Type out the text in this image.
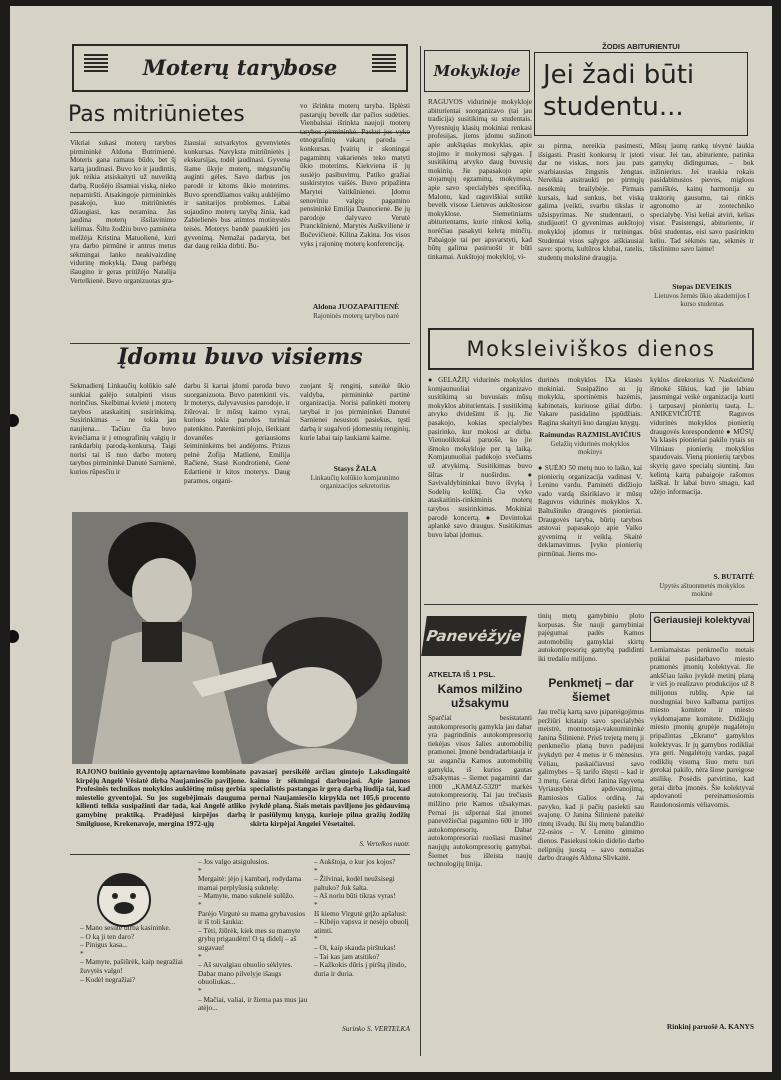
Moterų tarybose
Pas mitriūnietes
Vikriai sukasi moterų tarybos pirmininkė Aldona Butrimienė. Moteris gana ramaus būdo, bet šį kartą jaudinasi. Buvo ko ir jaudintis, juk reikia atsiskaityti už nuveiktą darbą. Ruošėjo išsamiai viską, nieko nepamiršti. Atsakingoje pirmininkės pasakojo, kuo mitriūnietės džiaugiasi, kas neramina. Jas jaudina moterų išsilavinimo kėlimas. Šiltu žodžiu buvo paminėta melžėja Kristina Matuolienė, kuri yra darbo pirmūnė ir antrus metus sėkmingai lanko neakivaizdinę vidurinę mokyklą. Daug parbėgų išaugino ir geras pritižėjo Natalija Vertelkienė. Buvo organizuotas gra-
žiausiai sutvarkytos gyvenvietės konkursas. Navyksta mitriūnietės į ekskursijas, todėl jaudinasi. Gyvena šiame ūkyje moterų, mėgstančių auginti gėles. Savo darbus jos parodė ir kitoms ūkio moterims. Buvo sprendžiamos vaikų auklėjimo ir sanitarijos problemos. Labai sujaudino moterų tarybą žinia, kad Zabielienės bus atimtos motinystės teisės. Moterys bandė paauklėti jos gyvenimą. Nemažai padaryta, bet dar daug reikia dirbti. Bu-
vo išrinkta moterų taryba. Išplėsti pastarųjų bevelk dar pačios sudėties. Vienbalsiai išrinkta naujoji moterų tarybos pirmininkė. Paskui jos vyko etnografinių vakarų paroda – konkursas. Įvairių ir skoningai pagamintų vakarienės teko matyti ūkio moterims. Kiekviena iš jų susiėjo pasibuvimų. Patiko gražiai suskirstytos vaišės. Buvo pripažinta Marytei Vaitkūnienei. Įdomu senoviniu valgių pagamino pensininkė Emilija Daunorienė. Be jų parodoje dalyvavo Verutė Pranckūnienė, Marytės Auškvilienė ir Bučevičienė. Kilina Zakina. Jos visos vyks į rajoninę moterų konferenciją.
Aldona JUOZAPAITIENĖ
Rajoninės moterų tarybos narė
Įdomu buvo visiems
Sekmadienį Linkaučių kolūkio salė sunkiai galėjo sutalpinti visus norinčius. Skelbimai kvietė į moterų tarybos ataskaitinį susirinkimą. Susirinkimas – ne tokia jau naujiena... Tačiau čia buvo kviečiama ir į etnografinių valgių ir rankdarbių parodą-konkursą. Taigi norisi tai iš nuo darbo moterų tarybos pirmininkė Danutė Sarnienė, kurios rūpesčiu ir
darbu ši kartai įdomi paroda buvo suorganizuota. Buvo patenkinti vis. Ir moterys, dalyvavusios parodoje, ir žiūrovai. Ir mūsų kaimo vyrai, kuriuos tokia parodos turiniai patenkino. Patenkinti plojo, išeikiant dovanėles geriausioms šeimininkėms bei audėjoms. Prizus pelnė Zofija Matlienė, Emilija Račienė, Stasė Kondrotienė, Genė Edartienė ir kitos moterys. Daug paramos, organi-
zuojant šį renginį, suteikė ūkio valdyba, pirmininkė partinė organizacija. Norisi palinkėti moterų tarybai ir jos pirmininkei Danutei Sarnienei nesustoti pasiekus, tęsti darbą ir sugalvoti įdomesnių renginių, kurie labai taip laukiami kaime.
Stasys ŽALA
Linkaučių kolūkio komjaunimo organizacijos sekretorius
RAJONO buitinio gyventojų aptarnavimo kombinato kirpėjų Angelė Vėsiatė dirba Naujamiesčio paviljone. Profesinės technikos mokyklos auklėtinę mūsų gerbia miestelio gyventojai. Su jos sugebėjimais dauguma kilienti telkia susipažinti dar tada, kai Angelė atliko gamybinę praktiką. Pradėjusi kirpėjos darbą Smilgiuose, Krekenavoje, mergina 1972-ųjų
pavasarį persikėlė arčiau gimtojo Laksdingaitė kaimo ir sėkmingai darbuojasi. Apie jaunos specialistės pastangas ir gerą darbą liudija tai, kad pernai Naujamiesčio kirpykla net 105,6 procento įvykdė planą. Šiais metais paviljono jos gėdauvimą ir pasiūlymų knygą, kurioje pilna gražių žodžių skirta kirpėjai Angelei Vėsetaitei.
S. Vertelkos nuotr.
– Mano sesutė dirba kasininke.
– O ką ji ten daro?
– Pinigus kasa...
*
– Mamyte, pašiūrėk, kaip negražiai žuvytės valgo!
– Kodėl negražiai?
– Jos valgo atsigulusios.
*
Mergaitė: jėjo į kambarį, rodydama mamai perplyšusią suknelę:
– Mamyte, mano suknelė sulūžo.
*
Parėjo Virgutė su mama grybavusios ir iš toli šaukia:
– Tėti, žiūrėk, kiek mes su mamyte grybų prigaudėm! O tą didelį – aš sugavau!
*
– Aš suvalgiau obuolio sėklytes. Dabar mano pilvelyje išaugs obuoliukas...
*
– Mačiai, valiai, ir žiema pas mus jau atėjo...
– Aukštoja, o kur jos kojos?
*
– Žilvinai, kodėl neužsisegi paltuko? Juk šalta.
– Aš noriu būti tikras vyras!
*
Iš kiemo Virgutė grįžo apšalusi:
– Kibėjo vapsva ir nesėjo obuolį atimti.
*
– Oi, kaip skauda pirštukas!
– Tai kas jam atsitiko?
– Kažkokis dūris į pirštą įlindo, duria ir duria.
Surinko S. VERTELKA
Mokykloje
RAGUVOS vidurinėje mokykloje abiturientai suorganizavo (tai jau tradicija) susitikimą su studentais. Vyresniųjų klasių mokiniai renkasi profesijas, jiems įdomu sužinoti apie aukštąsias mokyklas, apie stojimo ir mokymosi sąlygas. Į susitikimą atvyko daug buvusių mokinių. Jie papasakojo apie stojamųjų egzaminų, mokymosi, apie savo specialybės specifiką. Malonu, kad raguviškiai sutikė bevelk visose Lietuvos aukštosiose mokyklose. Siemetiniams abiturientams, kurie rinkosi kelią, norėčiau pasakyti keletą minčių. Pabaigoje tai per apsvarstyti, kad būtų galima pasiruošti ir būti tinkamai. Aukštojoj mokykloj, vi-
ŽODIS ABITURIENTUI
Jei žadi būti studentu...
su pirma, nereikia pasimesti, išsigasti. Prasiti konkursų ir įstoti dar ne viskas, nors jau pats svarbiausias žingsnis žengtas. Nereikia atsitraukti po pirmųjų nesėkmių brailybėje. Pirmais kursais, kad sunkus, bet viską galima įveikti, svarbu tikslas ir užsispyrimas. Ne studentauti, o studijuoti! O gyvenimas aukštojoj mokykloj įdomus ir turiningas. Studentai visos sąlygos aiškiausiai save: sportu, kultūros klubai, ratelis, studentų mokslinė draugija.
Mūsų jaunų rankų tėvynė laukia visur. Jei tau, abituriente, patinka gamykų didingumas, – bok inžinierius. Jei traukia rokais pasidabinusios pievos, migloos pamiškės, kainų harmonija su traktorių gausumu, tai rinkis agronomo ar zootechniko specialybę. Visi keliai atviri, kelias visur. Pasistengsi, abituriente, ir būsi studentas, eisi savo pasirinktu keliu. Tad sėkmės tau, sėkmės ir tikslinimo savo laime!
Stepas DEVEIKIS
Lietuvos žemės ūkio akademijos I kurso studentas
Moksleiviškos dienos
● GELAŽIŲ vidurinės mokyklos komjaunuoliai organizavo susitikimą su buvusiais mūsų mokyklos abiturientais. Į susitikimą atvyko dvidešimt iš jų. Jie pasakojo, kokias specialybes pasirinko, kur mokosi ar dirba. Vienuoliktokai paruošė, ko jie išmoko mokykloje per tą laiką. Komjaunuoliai padėkojo svečiams už atvykimą. Susitikimas buvo šiltas ir nuoširdus. ● Savivaldybininkai buvo išvyką į Sodelių kolūkį. Čia vyko ataskaitinis-rinkiminis moterų tarybos susirinkimas. Mokiniai parodė koncertą. ● Devintokai aplankė savo draugus. Susitikimas buvo labai įdomus.
durinės mokyklos IXa klasės mokiniai. Susipažino su jų mokykla, sportinėmis bazėmis, kabinetais, kuriuose giliai dirbo. Vakare pasidalino įspūdžiais. Ragina skaityti kuo daugiau knygų.
Raimundas RAZMISLAVIČIUS
Gelažių vidurinės mokyklos mokinys
● SUĖJO 50 metų nuo to laiko, kai pionierių organizacija vadinasi V. Lenino vardu. Paminėti didžiojo vado vardą išsirikiavo ir mūsų Raguvos vidurinės mokyklos X. Baltušiniko draugovės pionieriai. Draugovės taryba, būrių tarybos atstovai papasakojo apie Vaiko gyvenimą ir veiklą. Skaitė deklamavimus. Įvyko pionierių pirmūnai. Jiems mo-
kyklos direktorius V. Naskeičienė išmokė šūkius, kad jie labiau jausmingai veikė organizacija kurti į tarpusavį pionierių tautą. L. ANIKEVIČIŪTĖ Raguvos vidurinės mokyklos pionierių draugovės korespondentė ● MŪSŲ Va klasės pionieriai pakilo rytais su Vilniaus pionierių mokyklos spaudovais. Vieną pionierių tarybos skyrių gavo specialų siuntinį. Jau kelintą kartą pabaigoje rašomos laiškai. Ir labai buvo smagu, kad užėjo informacija.
S. BUTAITĖ
Upytės aštuonmetės mokyklos mokinė
Panevėžyje
ATKELTA IŠ 1 PSL.
Kamos milžino užsakymu
Sparčiai besistatanti autokompresorių gamykla jau dabar yra pagrindinis autokompresorių tiekėjas visos šalies automobilių pramonei. Įmonė bendradarbiauja ir su augančia Kamos automobilių gamykla, iš kurios gautas užsakymas – šiemet pagaminti dar 1000 „KAMAZ-5320“ markės autokompresorių. Tai jau trečiasis milžino prie Kamos užsakymas. Pernai jis užpernai šiai įmonei panevėžiečiai pagamino 600 ir 100 autokompresorių. Dabar autokompresoriai ruošiasi masinei naujųjų autokompresorių gamybai. Šiemet bus išleista naujų technologijų linija.
tinių metų gamybinio ploto korpusas. Šie nauji gamybiniai pajėgumai padės Kamos automobilių gamyklai skirtų autokompresorių gamybą padidinti iki tredalio milijono.
Penkmetį – dar šiemet
Jau trečią kartą savo įsipareigojimus peržiūri kitataip savo specialybės meistrė, montuotoja-vakuumininkė Janina Šilinienė. Prieš trejetą metų ji penkmečio planą buvo padėjusi įvykdyti per 4 metus ir 6 mėnesius. Vėliau, paskaičiavusi savo galimybes – šį tarifo ištęsti – kad ir 3 metų. Gerai dirbti Janina išgyvena Vyriausybės apdovanojimą, Ramiosios Galios ordiną. Jai pavyko, kad ji pačių pasiekti sau svajonę. O Janina Šilinienė pateikė rimtų išvadų. Iki šių metų balandžio 22-osios – V. Lenino gimimo dienos. Pasiekusi tokio didelio darbo nelipnijų juostą – savo nemažas darbo draugės Aldona Slivkaitė.
Geriausieji kolektyvai
Lemiamaistas penkmečio metais puikiai pasidarbavo miesto pramonės įmonių kolektyvai. Jie ankščiau laiko įvykdė metinį planą ir virš jo realizavo produkcijos už 8 milijonus rublių. Apie tai nuodugniai buvo kalbama partijos miesto komitete ir miesto vykdomajame komitete. Didžiųjų miesto įmonių grupėje nugalėtoju pripažintas „Ekrano“ gamyklos kolektyvas. Ir jų gamybos rodikliai yra geri. Nugalėtojų vardas, pagal rodiklių visumą šiuo metu turi gerokai pakilo, nėra šiose pareigose atsilikę. Posėdis patvirtino, kad gerai dirba įmonės. Šie kolektyvai apdovanoti pereinamosiomis Raudonosiomis vėliavomis.
Rinkinį paruošė A. KANYS
